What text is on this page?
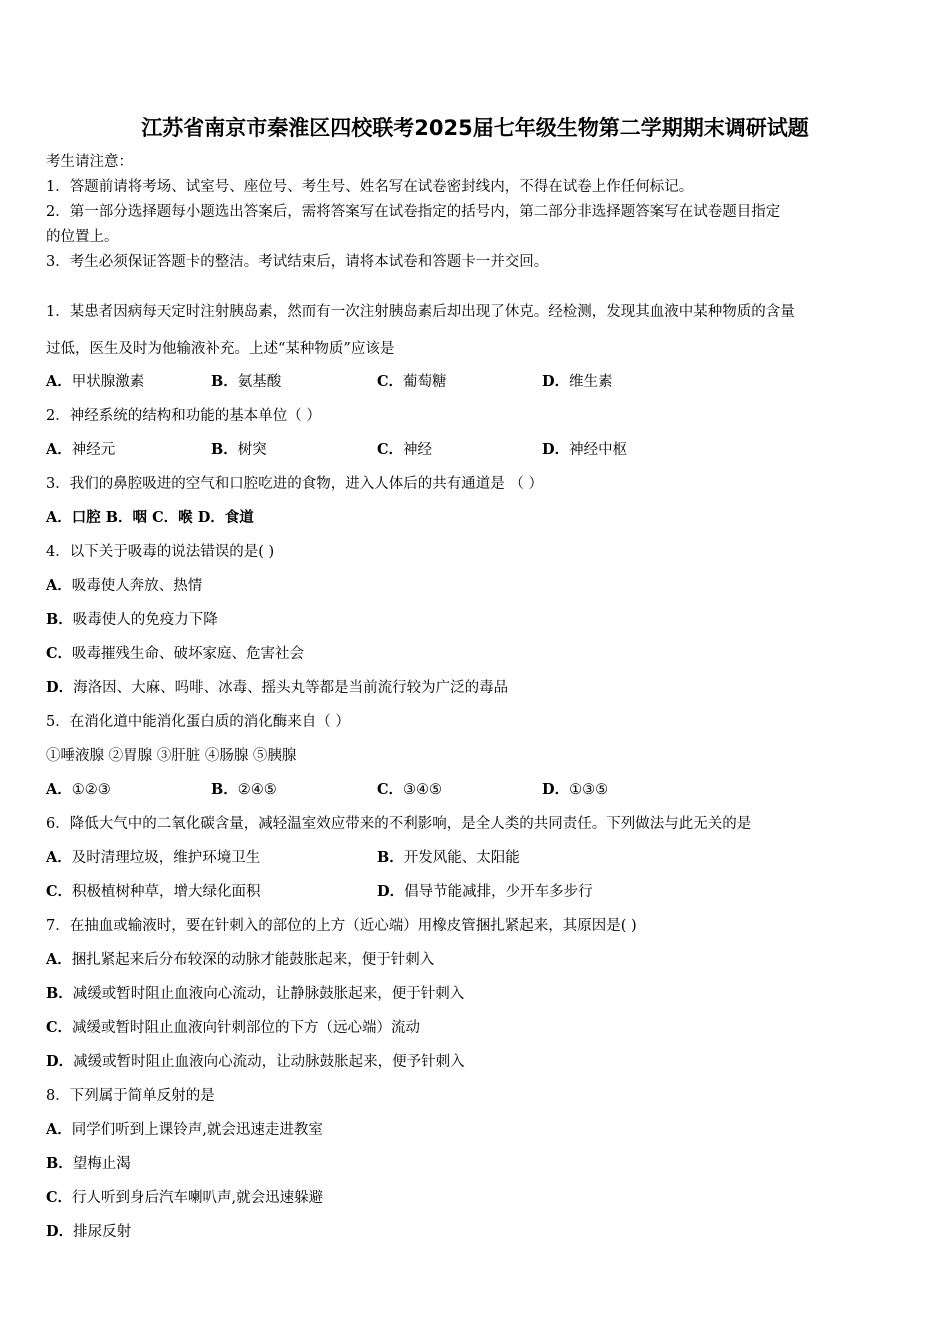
江苏省南京市秦淮区四校联考2025届七年级生物第二学期期末调研试题
考生请注意：
1．答题前请将考场、试室号、座位号、考生号、姓名写在试卷密封线内，不得在试卷上作任何标记。
2．第一部分选择题每小题选出答案后，需将答案写在试卷指定的括号内，第二部分非选择题答案写在试卷题目指定
的位置上。
3．考生必须保证答题卡的整洁。考试结束后，请将本试卷和答题卡一并交回。
1．某患者因病每天定时注射胰岛素，然而有一次注射胰岛素后却出现了休克。经检测，发现其血液中某种物质的含量
过低，医生及时为他输液补充。上述“某种物质”应该是
A．甲状腺激素	B．氨基酸	C．葡萄糖	D．维生素
2．神经系统的结构和功能的基本单位（ ）
A．神经元	B．树突	C．神经	D．神经中枢
3．我们的鼻腔吸进的空气和口腔吃进的食物，进入人体后的共有通道是 （ ）
A．口腔 B．咽 C．喉 D．食道
4．以下关于吸毒的说法错误的是( )
A．吸毒使人奔放、热情
B．吸毒使人的免疫力下降
C．吸毒摧残生命、破坏家庭、危害社会
D．海洛因、大麻、吗啡、冰毒、摇头丸等都是当前流行较为广泛的毒品
5．在消化道中能消化蛋白质的消化酶来自（ ）
①唾液腺 ②胃腺 ③肝脏 ④肠腺 ⑤胰腺
A．①②③	B．②④⑤	C．③④⑤	D．①③⑤
6．降低大气中的二氧化碳含量，减轻温室效应带来的不利影响，是全人类的共同责任。下列做法与此无关的是
A．及时清理垃圾，维护环境卫生	B．开发风能、太阳能
C．积极植树种草，增大绿化面积	D．倡导节能减排，少开车多步行
7．在抽血或输液时，要在针刺入的部位的上方（近心端）用橡皮管捆扎紧起来，其原因是( )
A．捆扎紧起来后分布较深的动脉才能鼓胀起来，便于针刺入
B．减缓或暂时阻止血液向心流动，让静脉鼓胀起来，便于针刺入
C．减缓或暂时阻止血液向针刺部位的下方（远心端）流动
D．减缓或暂时阻止血液向心流动，让动脉鼓胀起来，便予针刺入
8．下列属于简单反射的是
A．同学们听到上课铃声,就会迅速走进教室
B．望梅止渴
C．行人听到身后汽车喇叭声,就会迅速躲避
D．排尿反射
